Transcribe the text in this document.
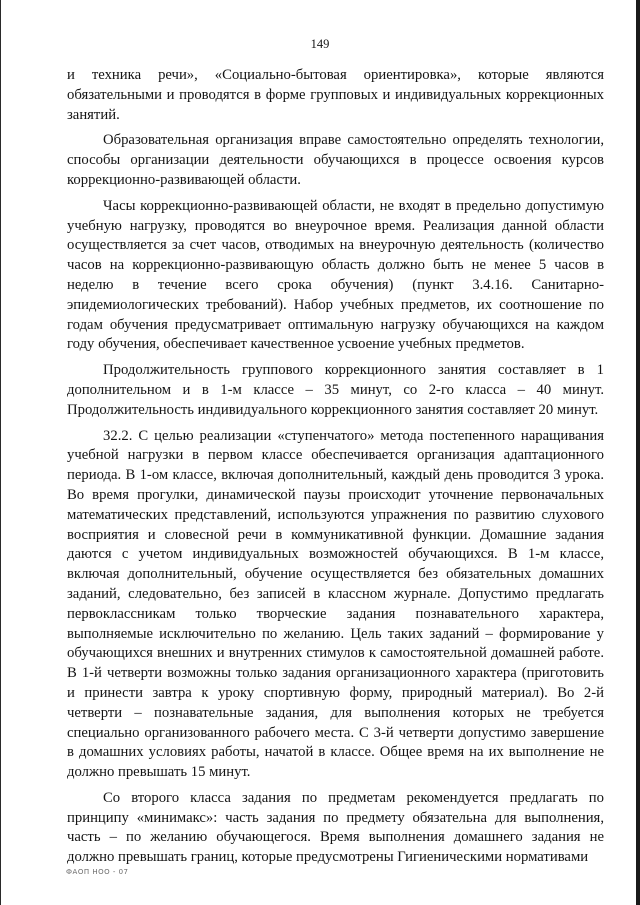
149

и техника речи», «Социально-бытовая ориентировка», которые являются обязательными и проводятся в форме групповых и индивидуальных коррекционных занятий.

Образовательная организация вправе самостоятельно определять технологии, способы организации деятельности обучающихся в процессе освоения курсов коррекционно-развивающей области.

Часы коррекционно-развивающей области, не входят в предельно допустимую учебную нагрузку, проводятся во внеурочное время. Реализация данной области осуществляется за счет часов, отводимых на внеурочную деятельность (количество часов на коррекционно-развивающую область должно быть не менее 5 часов в неделю в течение всего срока обучения) (пункт 3.4.16. Санитарно-эпидемиологических требований). Набор учебных предметов, их соотношение по годам обучения предусматривает оптимальную нагрузку обучающихся на каждом году обучения, обеспечивает качественное усвоение учебных предметов.

Продолжительность группового коррекционного занятия составляет в 1 дополнительном и в 1-м классе – 35 минут, со 2-го класса – 40 минут. Продолжительность индивидуального коррекционного занятия составляет 20 минут.

32.2. С целью реализации «ступенчатого» метода постепенного наращивания учебной нагрузки в первом классе обеспечивается организация адаптационного периода. В 1-ом классе, включая дополнительный, каждый день проводится 3 урока. Во время прогулки, динамической паузы происходит уточнение первоначальных математических представлений, используются упражнения по развитию слухового восприятия и словесной речи в коммуникативной функции. Домашние задания даются с учетом индивидуальных возможностей обучающихся. В 1-м классе, включая дополнительный, обучение осуществляется без обязательных домашних заданий, следовательно, без записей в классном журнале. Допустимо предлагать первоклассникам только творческие задания познавательного характера, выполняемые исключительно по желанию. Цель таких заданий – формирование у обучающихся внешних и внутренних стимулов к самостоятельной домашней работе. В 1-й четверти возможны только задания организационного характера (приготовить и принести завтра к уроку спортивную форму, природный материал). Во 2-й четверти – познавательные задания, для выполнения которых не требуется специально организованного рабочего места. С 3-й четверти допустимо завершение в домашних условиях работы, начатой в классе. Общее время на их выполнение не должно превышать 15 минут.

Со второго класса задания по предметам рекомендуется предлагать по принципу «минимакс»: часть задания по предмету обязательна для выполнения, часть – по желанию обучающегося. Время выполнения домашнего задания не должно превышать границ, которые предусмотрены Гигиеническими нормативами

ФАОП НОО - 07
